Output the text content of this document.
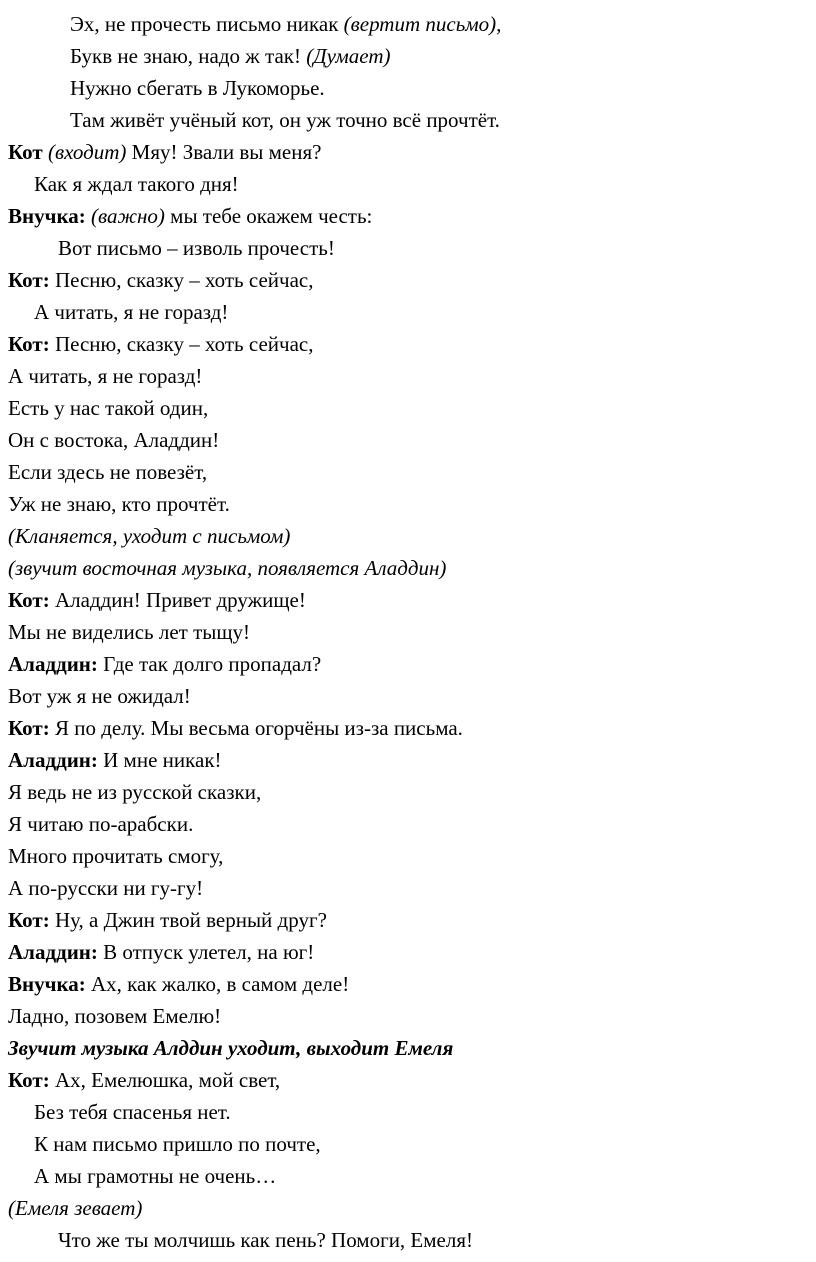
Эх, не прочесть письмо никак (вертит письмо),
Букв не знаю, надо ж так! (Думает)
Нужно сбегать в Лукоморье.
Там живёт учёный кот, он уж точно всё прочтёт.
Кот (входит) Мяу! Звали вы меня?
Как я ждал такого дня!
Внучка: (важно) мы тебе окажем честь:
Вот письмо – изволь прочесть!
Кот: Песню, сказку – хоть сейчас,
А читать, я не горазд!
Кот: Песню, сказку – хоть сейчас,
А читать, я не горазд!
Есть у нас такой один,
Он с востока, Аладдин!
Если здесь не повезёт,
Уж не знаю, кто прочтёт.
(Кланяется, уходит с письмом)
(звучит восточная музыка, появляется Аладдин)
Кот: Аладдин! Привет дружище!
Мы не виделись лет тыщу!
Аладдин: Где так долго пропадал?
Вот уж я не ожидал!
Кот: Я по делу. Мы весьма огорчёны из-за письма.
Аладдин: И мне никак!
Я ведь не из русской сказки,
Я читаю по-арабски.
Много прочитать смогу,
А по-русски ни гу-гу!
Кот: Ну, а Джин твой верный друг?
Аладдин: В отпуск улетел, на юг!
Внучка: Ах, как жалко, в самом деле!
Ладно, позовем Емелю!
Звучит музыка Алддин уходит, выходит Емеля
Кот: Ах, Емелюшка, мой свет,
Без тебя спасенья нет.
К нам письмо пришло по почте,
А мы грамотны не очень…
(Емеля зевает)
Что же ты молчишь как пень? Помоги, Емеля!
